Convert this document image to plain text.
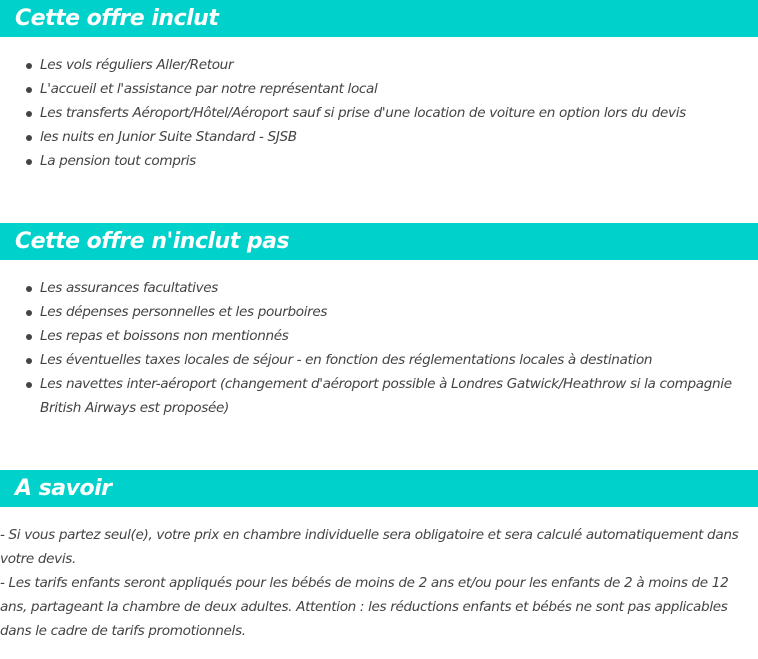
Cette offre inclut
Les vols réguliers Aller/Retour
L'accueil et l'assistance par notre représentant local
Les transferts Aéroport/Hôtel/Aéroport sauf si prise d'une location de voiture en option lors du devis
les nuits en Junior Suite Standard - SJSB
La pension tout compris
Cette offre n'inclut pas
Les assurances facultatives
Les dépenses personnelles et les pourboires
Les repas et boissons non mentionnés
Les éventuelles taxes locales de séjour - en fonction des réglementations locales à destination
Les navettes inter-aéroport (changement d'aéroport possible à Londres Gatwick/Heathrow si la compagnie British Airways est proposée)
A savoir

- Si vous partez seul(e), votre prix en chambre individuelle sera obligatoire et sera calculé automatiquement dans votre devis.

- Les tarifs enfants seront appliqués pour les bébés de moins de 2 ans et/ou pour les enfants de 2 à moins de 12 ans, partageant la chambre de deux adultes. Attention : les réductions enfants et bébés ne sont pas applicables dans le cadre de tarifs promotionnels.
